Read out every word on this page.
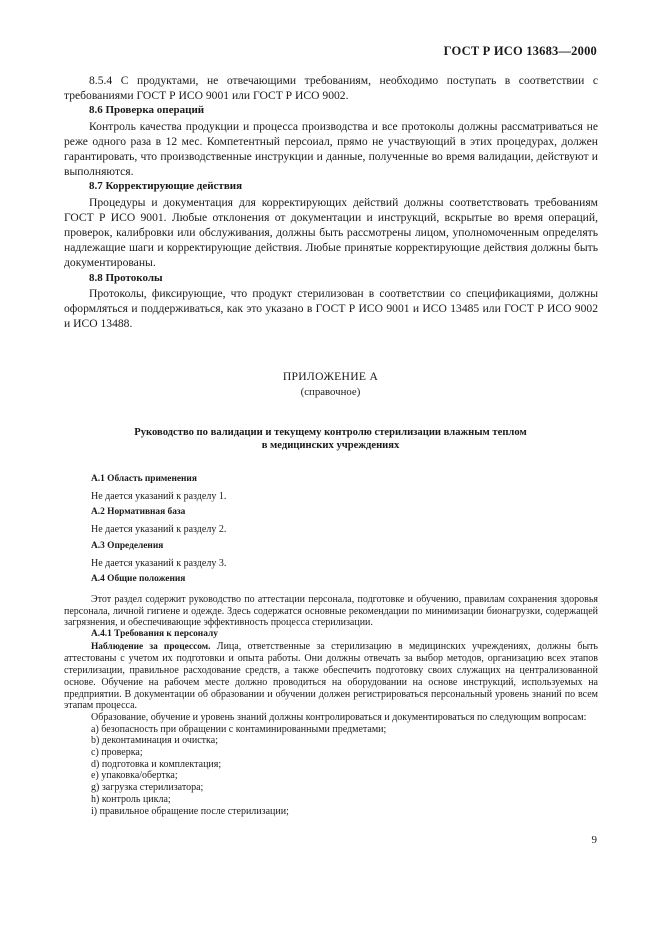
ГОСТ Р ИСО 13683—2000

8.5.4 С продуктами, не отвечающими требованиям, необходимо поступать в соответствии с требованиями ГОСТ Р ИСО 9001 или ГОСТ Р ИСО 9002.

8.6 Проверка операций

Контроль качества продукции и процесса производства и все протоколы должны рассматриваться не реже одного раза в 12 мес. Компетентный персоиал, прямо не участвующий в этих процедурах, должен гарантировать, что производственные инструкции и данные, полученные во время валидации, действуют и выполняются.

8.7 Корректирующие действия

Процедуры и документация для корректирующих действий должны соответствовать требованиям ГОСТ Р ИСО 9001. Любые отклонения от документации и инструкций, вскрытые во время операций, проверок, калибровки или обслуживания, должны быть рассмотрены лицом, уполномоченным определять надлежащие шаги и корректирующие действия. Любые принятые корректирующие действия должны быть документированы.

8.8 Протоколы

Протоколы, фиксирующие, что продукт стерилизован в соответствии со спецификациями, должны оформляться и поддерживаться, как это указано в ГОСТ Р ИСО 9001 и ИСО 13485 или ГОСТ Р ИСО 9002 и ИСО 13488.

ПРИЛОЖЕНИЕ А
(справочное)
Руководство по валидации и текущему контролю стерилизации влажным теплом
в медицинских учреждениях

А.1 Область применения

Не дается указаний к разделу 1.

А.2 Нормативная база

Не дается указаний к разделу 2.

А.3 Определения

Не дается указаний к разделу 3.

А.4 Общие положения

Этот раздел содержит руководство по аттестации персонала, подготовке и обучению, правилам сохранения здоровья персонала, личной гигиене и одежде. Здесь содержатся основные рекомендации по минимизации бионагрузки, содержащей загрязнения, и обеспечивающие эффективность процесса стерилизации.

А.4.1 Требования к персоналу

Наблюдение за процессом. Лица, ответственные за стерилизацию в медицинских учреждениях, должны быть аттестованы с учетом их подготовки и опыта работы. Они должны отвечать за выбор методов, организацию всех этапов стерилизации, правильное расходование средств, а также обеспечить подготовку своих служащих на централизованной основе. Обучение на рабочем месте должно проводиться на оборудовании на основе инструкций, используемых на предприятии. В документации об образовании и обучении должен регистрироваться персональный уровень знаний по всем этапам процесса.

Образование, обучение и уровень знаний должны контролироваться и документироваться по следующим вопросам:

a) безопасность при обращении с контаминированными предметами;
b) деконтаминация и очистка;
c) проверка;
d) подготовка и комплектация;
e) упаковка/обертка;
g) загрузка стерилизатора;
h) контроль цикла;
i) правильное обращение после стерилизации;
9
